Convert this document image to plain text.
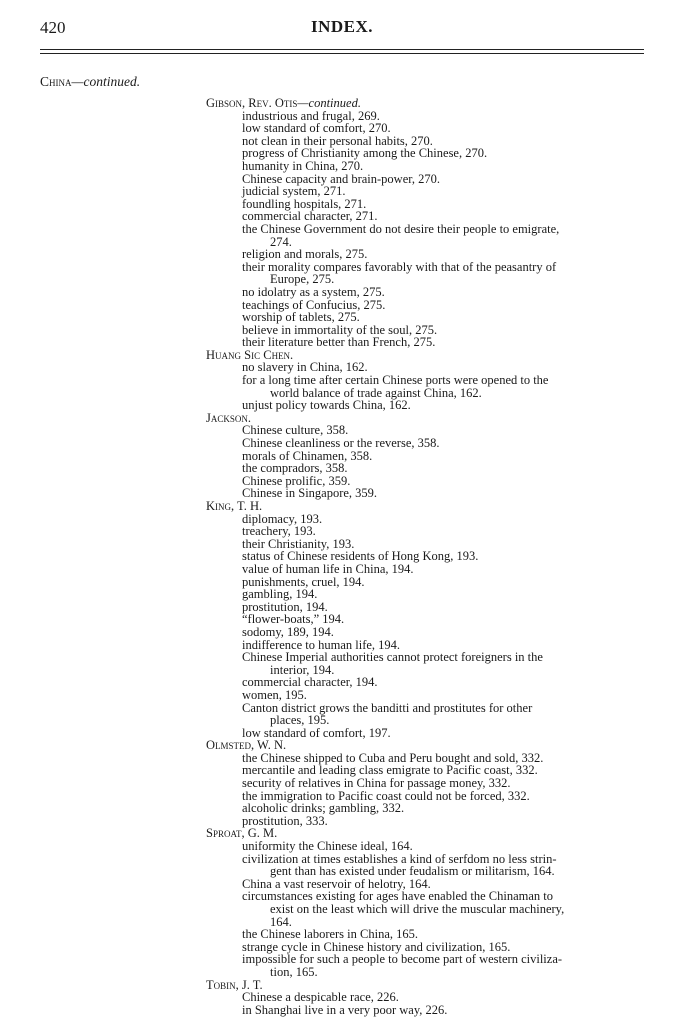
420	INDEX.
China—continued.
Gibson, Rev. Otis—continued.
industrious and frugal, 269.
low standard of comfort, 270.
not clean in their personal habits, 270.
progress of Christianity among the Chinese, 270.
humanity in China, 270.
Chinese capacity and brain-power, 270.
judicial system, 271.
foundling hospitals, 271.
commercial character, 271.
the Chinese Government do not desire their people to emigrate,
274.
religion and morals, 275.
their morality compares favorably with that of the peasantry of
Europe, 275.
no idolatry as a system, 275.
teachings of Confucius, 275.
worship of tablets, 275.
believe in immortality of the soul, 275.
their literature better than French, 275.
Huang Sic Chen.
no slavery in China, 162.
for a long time after certain Chinese ports were opened to the
world balance of trade against China, 162.
unjust policy towards China, 162.
Jackson.
Chinese culture, 358.
Chinese cleanliness or the reverse, 358.
morals of Chinamen, 358.
the compradors, 358.
Chinese prolific, 359.
Chinese in Singapore, 359.
King, T. H.
diplomacy, 193.
treachery, 193.
their Christianity, 193.
status of Chinese residents of Hong Kong, 193.
value of human life in China, 194.
punishments, cruel, 194.
gambling, 194.
prostitution, 194.
“flower-boats,” 194.
sodomy, 189, 194.
indifference to human life, 194.
Chinese Imperial authorities cannot protect foreigners in the
interior, 194.
commercial character, 194.
women, 195.
Canton district grows the banditti and prostitutes for other
places, 195.
low standard of comfort, 197.
Olmsted, W. N.
the Chinese shipped to Cuba and Peru bought and sold, 332.
mercantile and leading class emigrate to Pacific coast, 332.
security of relatives in China for passage money, 332.
the immigration to Pacific coast could not be forced, 332.
alcoholic drinks; gambling, 332.
prostitution, 333.
Sproat, G. M.
uniformity the Chinese ideal, 164.
civilization at times establishes a kind of serfdom no less strin-
gent than has existed under feudalism or militarism, 164.
China a vast reservoir of helotry, 164.
circumstances existing for ages have enabled the Chinaman to
exist on the least which will drive the muscular machinery,
164.
the Chinese laborers in China, 165.
strange cycle in Chinese history and civilization, 165.
impossible for such a people to become part of western civiliza-
tion, 165.
Tobin, J. T.
Chinese a despicable race, 226.
in Shanghai live in a very poor way, 226.
